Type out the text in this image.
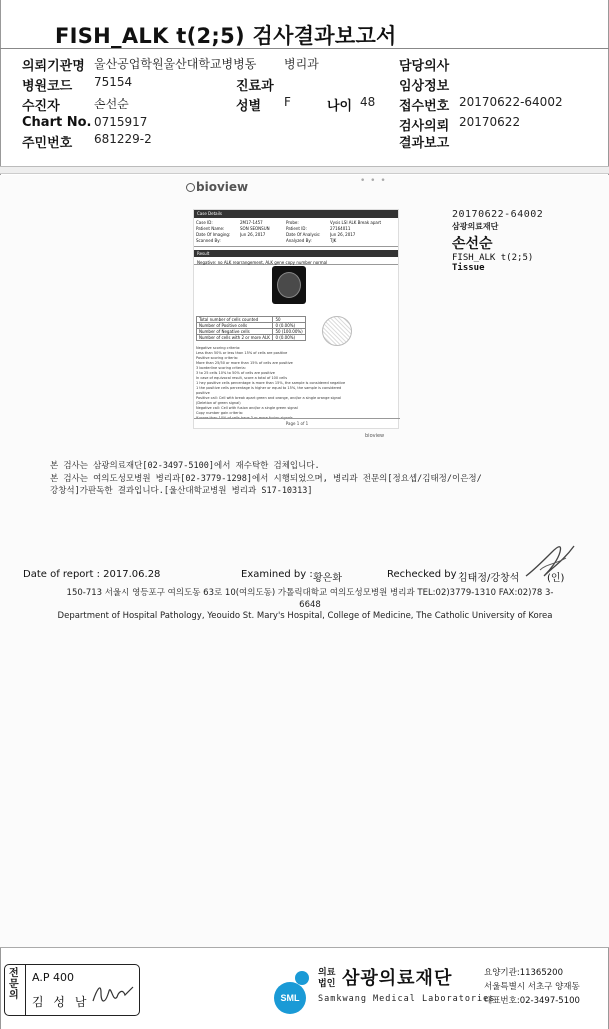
FISH_ALK t(2;5) 검사결과보고서
의뢰기관명 울산공업학원울산대학교병병동 병리과	담당의사
병원코드 75154	진료과	임상정보
수진자	손선순	성별 F	나이 48 접수번호 20170622-64002
Chart No. 0715917	검사의뢰 20170622
주민번호 681229-2	결과보고
• • •
bioview
Case Details
Case ID:	2M17-1457	Probe:	Vysis LSI ALK Break apart
Patient Name:	SON SEONSUN	Patient ID:	27164011
Date Of Imaging:	Jun 26, 2017	Date Of Analysis:	Jun 26, 2017
Scanned By:	Analyzed By:	TJK
Result
Negative: no ALK rearrangement, ALK gene copy number normal
Total number of cells counted	50
Number of Positive cells	0 (0.00%)
Number of Negative cells	50 (100.00%)
Number of cells with 2 or more ALK	0 (0.00%)
Negative scoring criteria:
Less than 50% or less than 15% of cells are positive
Positive scoring criteria:
More than 25/50 or more than 15% of cells are positive
3 borderline scoring criteria:
3 to 25 cells 10% to 50% of cells are positive
In case of equivocal result, score a total of 100 cells
1 hey positive cells percentage is more than 15%, the sample is considered negative
1 the positive cells percentage is higher or equal to 15%, the sample is considered positive
Positive call: Cell with break apart green and orange, and/or a single orange signal (Deletion of green signal)
Negative call: Cell with fusion and/or a single green signal
Copy number gain criteria:
If more than 10% of cells have 3 or more fusion signals
Page 1 of 1
bioview
20170622-64002
삼광의료재단
손선순
FISH_ALK t(2;5)
Tissue
본 검사는 삼광의료재단[02-3497-5100]에서 재수탁한 검체입니다.
본 검사는 여의도성모병원 병리과[02-3779-1298]에서 시행되었으며, 병리과 전문의[정요셉/김태정/이은정/
강창석]가판독한 결과입니다.[울산대학교병원 병리과 S17-10313]
Date of report : 2017.06.28	Examined by : 황은화	Rechecked by :
김태정/강창석	(인)
150-713 서울시 영등포구 여의도동 63로 10(여의도동) 가톨릭대학교 여의도성모병원 병리과 TEL:02)3779-1310 FAX:02)78 3-6648
Department of Hospital Pathology, Yeouido St. Mary's Hospital, College of Medicine, The Catholic University of Korea
전 문 의
A.P 400
김 성 남	SML
의료
법인 삼광의료재단
Samkwang Medical Laboratories
요양기관:11365200
서울특별시 서초구 양재동
대표번호:02-3497-5100
